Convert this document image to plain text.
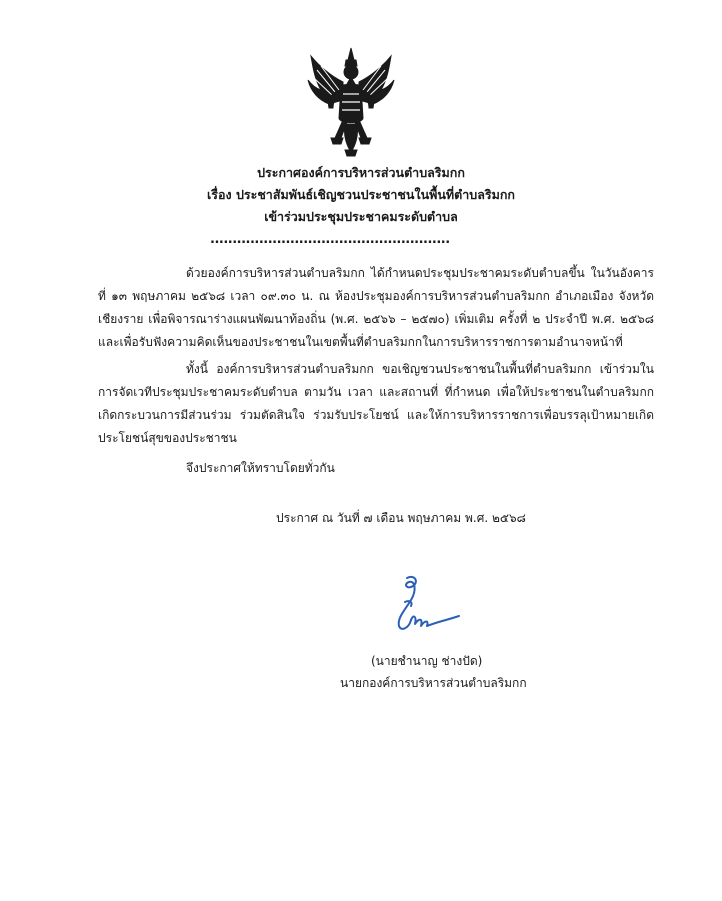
ประกาศองค์การบริหารส่วนตำบลริมกก
เรื่อง ประชาสัมพันธ์เชิญชวนประชาชนในพื้นที่ตำบลริมกก
เข้าร่วมประชุมประชาคมระดับตำบล
......................................................
ด้วยองค์การบริหารส่วนตำบลริมกก ได้กำหนดประชุมประชาคมระดับตำบลขึ้น ในวันอังคารที่ ๑๓ พฤษภาคม ๒๕๖๘ เวลา ๐๙.๓๐ น. ณ ห้องประชุมองค์การบริหารส่วนตำบลริมกก อำเภอเมือง จังหวัดเชียงราย เพื่อพิจารณาร่างแผนพัฒนาท้องถิ่น (พ.ศ. ๒๕๖๖ – ๒๕๗๐) เพิ่มเติม ครั้งที่ ๒ ประจำปี พ.ศ. ๒๕๖๘ และเพื่อรับฟังความคิดเห็นของประชาชนในเขตพื้นที่ตำบลริมกกในการบริหารราชการตามอำนาจหน้าที่
ทั้งนี้ องค์การบริหารส่วนตำบลริมกก ขอเชิญชวนประชาชนในพื้นที่ตำบลริมกก เข้าร่วมในการจัดเวทีประชุมประชาคมระดับตำบล ตามวัน เวลา และสถานที่ ที่กำหนด เพื่อให้ประชาชนในตำบลริมกก เกิดกระบวนการมีส่วนร่วม ร่วมตัดสินใจ ร่วมรับประโยชน์ และให้การบริหารราชการเพื่อบรรลุเป้าหมายเกิดประโยชน์สุขของประชาชน
จึงประกาศให้ทราบโดยทั่วกัน
ประกาศ ณ วันที่ ๗ เดือน พฤษภาคม พ.ศ. ๒๕๖๘
(นายชำนาญ ช่างปัด)
นายกองค์การบริหารส่วนตำบลริมกก
